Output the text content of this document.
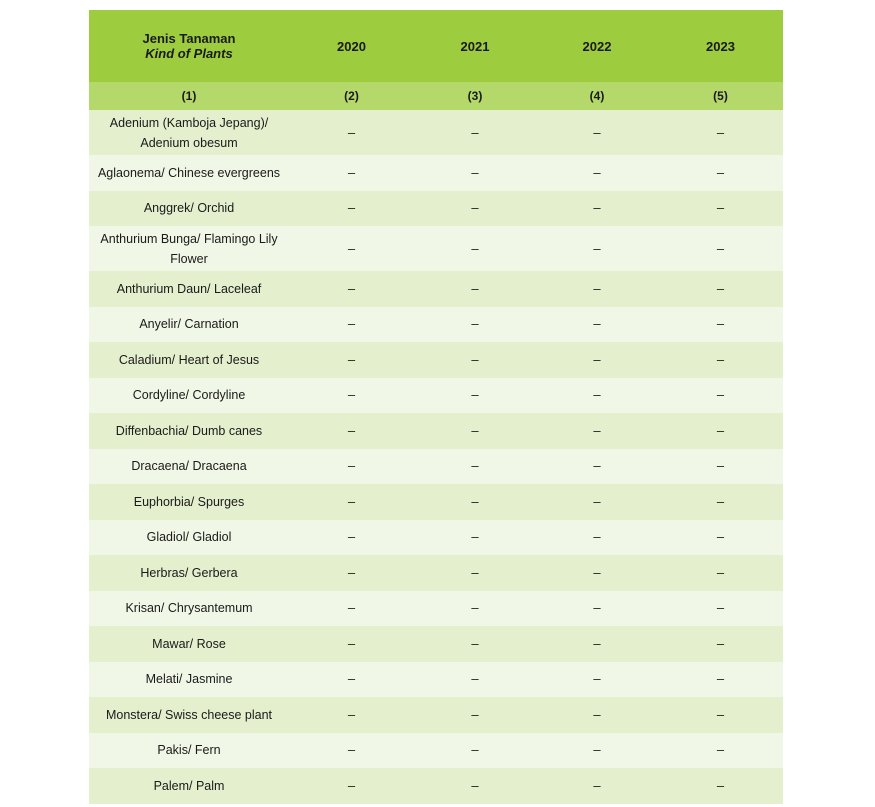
Jenis Tanaman
Kind of Plants	2020	2021	2022	2023
(1)	(2)	(3)	(4)	(5)
Adenium (Kamboja Jepang)/ Adenium obesum	–	–	–	–
Aglaonema/ Chinese evergreens	–	–	–	–
Anggrek/ Orchid	–	–	–	–
Anthurium Bunga/ Flamingo Lily Flower	–	–	–	–
Anthurium Daun/ Laceleaf	–	–	–	–
Anyelir/ Carnation	–	–	–	–
Caladium/ Heart of Jesus	–	–	–	–
Cordyline/ Cordyline	–	–	–	–
Diffenbachia/ Dumb canes	–	–	–	–
Dracaena/ Dracaena	–	–	–	–
Euphorbia/ Spurges	–	–	–	–
Gladiol/ Gladiol	–	–	–	–
Herbras/ Gerbera	–	–	–	–
Krisan/ Chrysantemum	–	–	–	–
Mawar/ Rose	–	–	–	–
Melati/ Jasmine	–	–	–	–
Monstera/ Swiss cheese plant	–	–	–	–
Pakis/ Fern	–	–	–	–
Palem/ Palm	–	–	–	–
